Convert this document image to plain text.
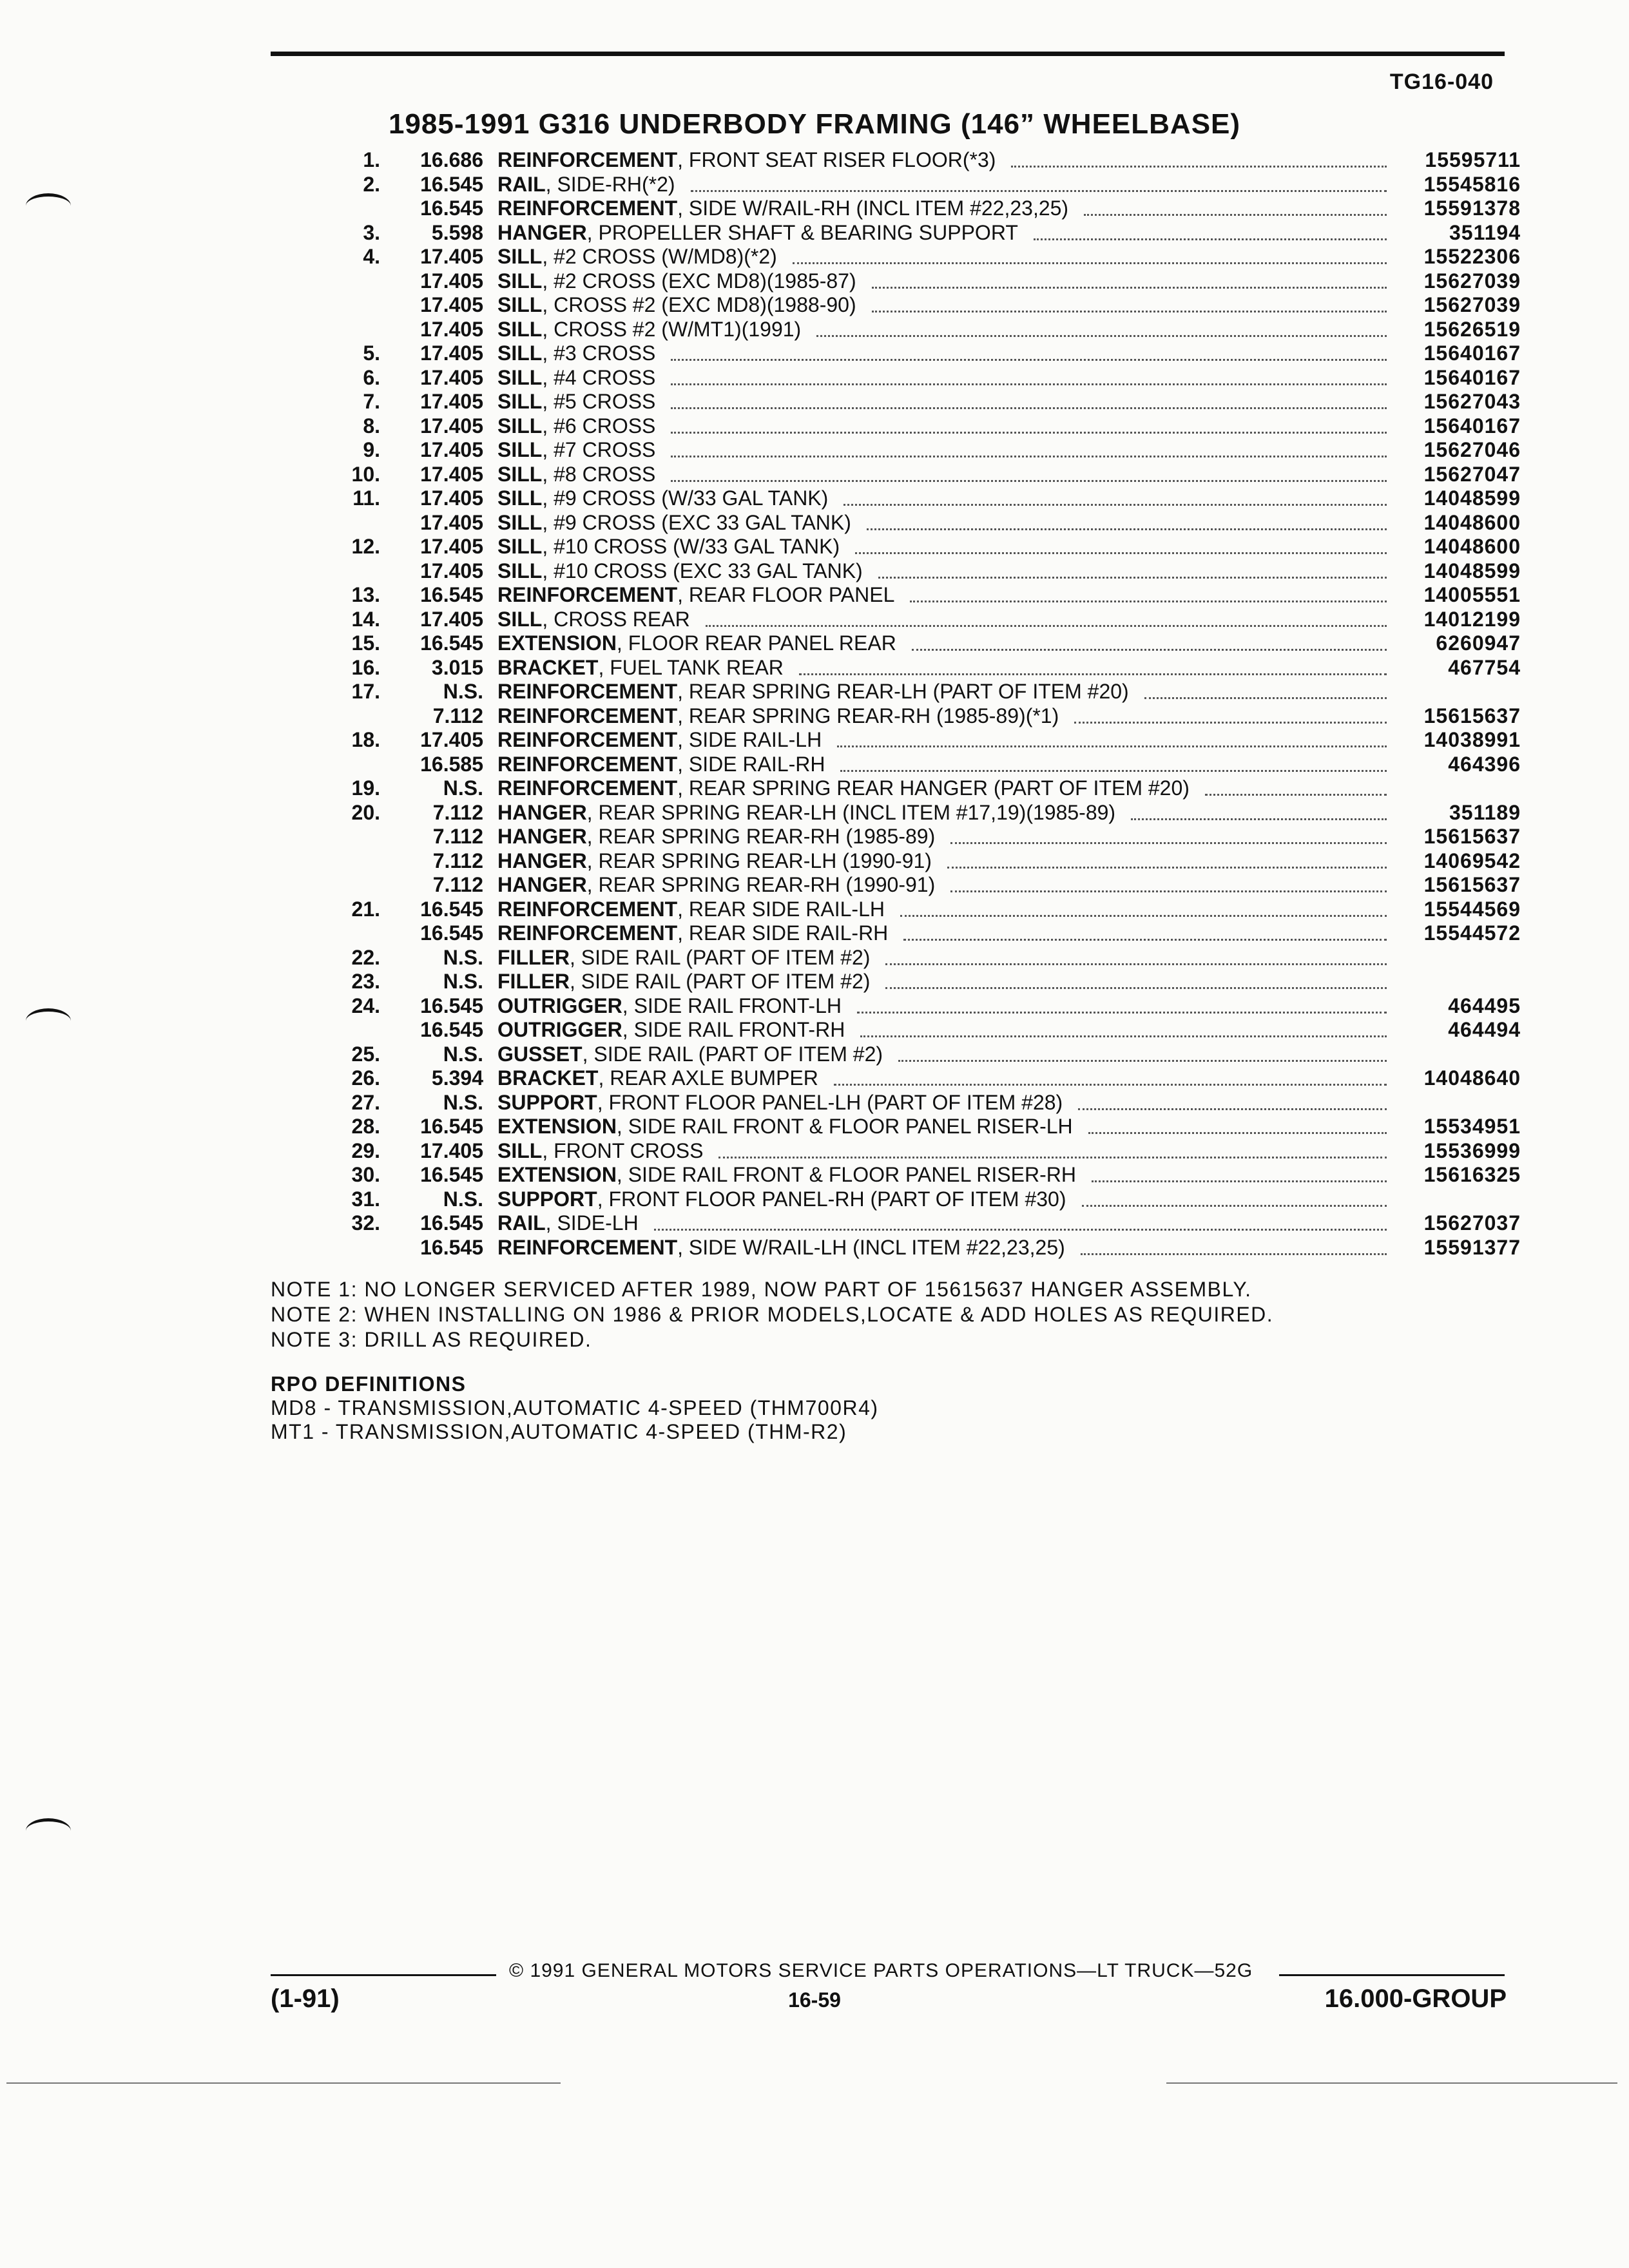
TG16-040
1985-1991 G316 UNDERBODY FRAMING (146” WHEELBASE)
1.	16.686 REINFORCEMENT , FRONT SEAT RISER FLOOR(*3)	15595711
2.	16.545 RAIL , SIDE-RH(*2)	15545816
16.545 REINFORCEMENT , SIDE W/RAIL-RH (INCL ITEM #22,23,25)	15591378
3.	5.598 HANGER , PROPELLER SHAFT & BEARING SUPPORT	351194
4.	17.405 SILL , #2 CROSS (W/MD8)(*2)	15522306
17.405 SILL , #2 CROSS (EXC MD8)(1985-87)	15627039
17.405 SILL , CROSS #2 (EXC MD8)(1988-90)	15627039
17.405 SILL , CROSS #2 (W/MT1)(1991)	15626519
5.	17.405 SILL , #3 CROSS	15640167
6.	17.405 SILL , #4 CROSS	15640167
7.	17.405 SILL , #5 CROSS	15627043
8.	17.405 SILL , #6 CROSS	15640167
9.	17.405 SILL , #7 CROSS	15627046
10.	17.405 SILL , #8 CROSS	15627047
11.	17.405 SILL , #9 CROSS (W/33 GAL TANK)	14048599
17.405 SILL , #9 CROSS (EXC 33 GAL TANK)	14048600
12.	17.405 SILL , #10 CROSS (W/33 GAL TANK)	14048600
17.405 SILL , #10 CROSS (EXC 33 GAL TANK)	14048599
13.	16.545 REINFORCEMENT , REAR FLOOR PANEL	14005551
14.	17.405 SILL , CROSS REAR	14012199
15.	16.545 EXTENSION , FLOOR REAR PANEL REAR	6260947
16.	3.015 BRACKET , FUEL TANK REAR	467754
17.	N.S. REINFORCEMENT , REAR SPRING REAR-LH (PART OF ITEM #20)
7.112 REINFORCEMENT , REAR SPRING REAR-RH (1985-89)(*1)	15615637
18.	17.405 REINFORCEMENT , SIDE RAIL-LH	14038991
16.585 REINFORCEMENT , SIDE RAIL-RH	464396
19.	N.S. REINFORCEMENT , REAR SPRING REAR HANGER (PART OF ITEM #20)
20.	7.112 HANGER , REAR SPRING REAR-LH (INCL ITEM #17,19)(1985-89)	351189
7.112 HANGER , REAR SPRING REAR-RH (1985-89)	15615637
7.112 HANGER , REAR SPRING REAR-LH (1990-91)	14069542
7.112 HANGER , REAR SPRING REAR-RH (1990-91)	15615637
21.	16.545 REINFORCEMENT , REAR SIDE RAIL-LH	15544569
16.545 REINFORCEMENT , REAR SIDE RAIL-RH	15544572
22.	N.S. FILLER , SIDE RAIL (PART OF ITEM #2)
23.	N.S. FILLER , SIDE RAIL (PART OF ITEM #2)
24.	16.545 OUTRIGGER , SIDE RAIL FRONT-LH	464495
16.545 OUTRIGGER , SIDE RAIL FRONT-RH	464494
25.	N.S. GUSSET , SIDE RAIL (PART OF ITEM #2)
26.	5.394 BRACKET , REAR AXLE BUMPER	14048640
27.	N.S. SUPPORT , FRONT FLOOR PANEL-LH (PART OF ITEM #28)
28.	16.545 EXTENSION , SIDE RAIL FRONT & FLOOR PANEL RISER-LH	15534951
29.	17.405 SILL , FRONT CROSS	15536999
30.	16.545 EXTENSION , SIDE RAIL FRONT & FLOOR PANEL RISER-RH	15616325
31.	N.S. SUPPORT , FRONT FLOOR PANEL-RH (PART OF ITEM #30)
32.	16.545 RAIL , SIDE-LH	15627037
16.545 REINFORCEMENT , SIDE W/RAIL-LH (INCL ITEM #22,23,25)	15591377
NOTE 1: NO LONGER SERVICED AFTER 1989, NOW PART OF 15615637 HANGER ASSEMBLY.
NOTE 2: WHEN INSTALLING ON 1986 & PRIOR MODELS,LOCATE & ADD HOLES AS REQUIRED.
NOTE 3: DRILL AS REQUIRED.
RPO DEFINITIONS
MD8 - TRANSMISSION,AUTOMATIC 4-SPEED (THM700R4)
MT1 - TRANSMISSION,AUTOMATIC 4-SPEED (THM-R2)
© 1991 GENERAL MOTORS SERVICE PARTS OPERATIONS—LT TRUCK—52G
(1-91)	16-59	16.000-GROUP
